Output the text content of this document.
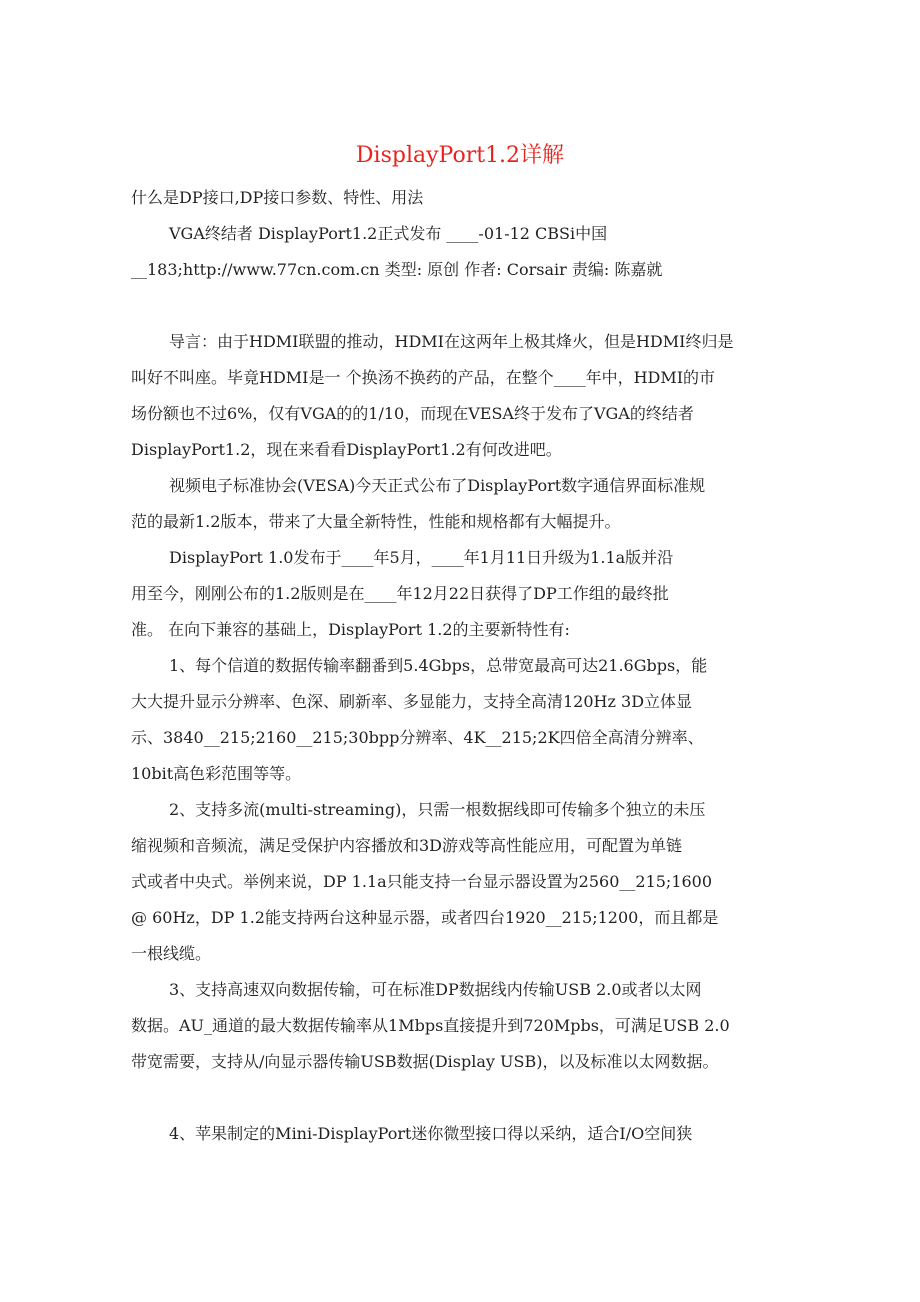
DisplayPort1.2详解

什么是DP接口,DP接口参数、特性、用法

VGA终结者 DisplayPort1.2正式发布 ____-01-12 CBSi中国

__183;http://www.77cn.com.cn 类型: 原创 作者: Corsair 责编: 陈嘉就

导言：由于HDMI联盟的推动，HDMI在这两年上极其烽火，但是HDMI终归是

叫好不叫座。毕竟HDMI是一 个换汤不换药的产品，在整个____年中，HDMI的市

场份额也不过6%，仅有VGA的的1/10，而现在VESA终于发布了VGA的终结者

DisplayPort1.2，现在来看看DisplayPort1.2有何改进吧。

视频电子标准协会(VESA)今天正式公布了DisplayPort数字通信界面标准规

范的最新1.2版本，带来了大量全新特性，性能和规格都有大幅提升。

DisplayPort 1.0发布于____年5月，____年1月11日升级为1.1a版并沿

用至今，刚刚公布的1.2版则是在____年12月22日获得了DP工作组的最终批

准。 在向下兼容的基础上，DisplayPort 1.2的主要新特性有:

1、每个信道的数据传输率翻番到5.4Gbps，总带宽最高可达21.6Gbps，能

大大提升显示分辨率、色深、刷新率、多显能力，支持全高清120Hz 3D立体显

示、3840__215;2160__215;30bpp分辨率、4K__215;2K四倍全高清分辨率、

10bit高色彩范围等等。

2、支持多流(multi-streaming)，只需一根数据线即可传输多个独立的未压

缩视频和音频流，满足受保护内容播放和3D游戏等高性能应用，可配置为单链

式或者中央式。举例来说，DP 1.1a只能支持一台显示器设置为2560__215;1600

@ 60Hz，DP 1.2能支持两台这种显示器，或者四台1920__215;1200，而且都是

一根线缆。

3、支持高速双向数据传输，可在标准DP数据线内传输USB 2.0或者以太网

数据。AU_通道的最大数据传输率从1Mbps直接提升到720Mpbs，可满足USB 2.0

带宽需要，支持从/向显示器传输USB数据(Display USB)，以及标准以太网数据。

4、苹果制定的Mini-DisplayPort迷你微型接口得以采纳，适合I/O空间狭
